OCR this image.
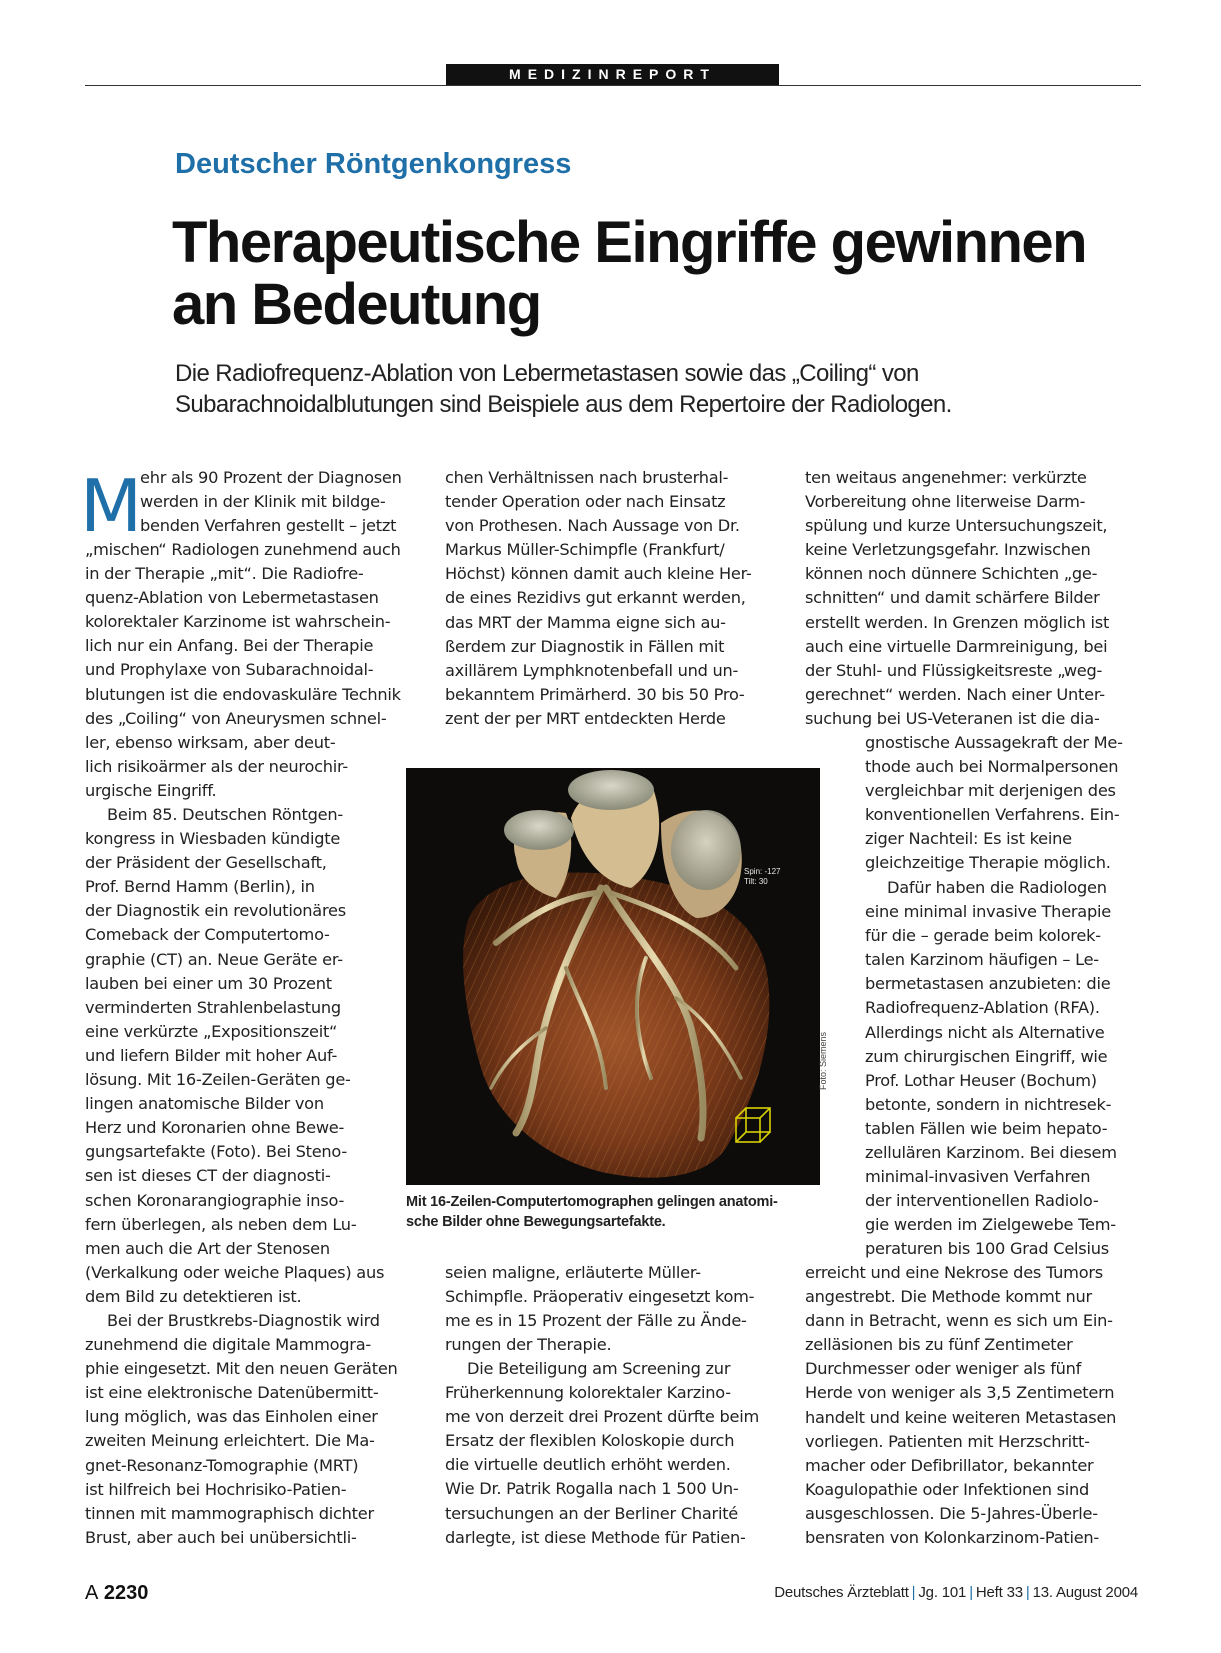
MEDIZINREPORT
Deutscher Röntgenkongress
Therapeutische Eingriffe gewinnen
an Bedeutung
Die Radiofrequenz-Ablation von Lebermetastasen sowie das „Coiling“ von
Subarachnoidalblutungen sind Beispiele aus dem Repertoire der Radiologen.
M
ehr als 90 Prozent der Diagnosen
werden in der Klinik mit bildge-
benden Verfahren gestellt – jetzt
„mischen“ Radiologen zunehmend auch
in der Therapie „mit“. Die Radiofre-
quenz-Ablation von Lebermetastasen
kolorektaler Karzinome ist wahrschein-
lich nur ein Anfang. Bei der Therapie
und Prophylaxe von Subarachnoidal-
blutungen ist die endovaskuläre Technik
des „Coiling“ von Aneurysmen schnel-
ler, ebenso wirksam, aber deut-
lich risikoärmer als der neurochir-
urgische Eingriff.
Beim 85. Deutschen Röntgen-
kongress in Wiesbaden kündigte
der Präsident der Gesellschaft,
Prof. Bernd Hamm (Berlin), in
der Diagnostik ein revolutionäres
Comeback der Computertomo-
graphie (CT) an. Neue Geräte er-
lauben bei einer um 30 Prozent
verminderten Strahlenbelastung
eine verkürzte „Expositionszeit“
und liefern Bilder mit hoher Auf-
lösung. Mit 16-Zeilen-Geräten ge-
lingen anatomische Bilder von
Herz und Koronarien ohne Bewe-
gungsartefakte (Foto). Bei Steno-
sen ist dieses CT der diagnosti-
schen Koronarangiographie inso-
fern überlegen, als neben dem Lu-
men auch die Art der Stenosen
(Verkalkung oder weiche Plaques) aus
dem Bild zu detektieren ist.
Bei der Brustkrebs-Diagnostik wird
zunehmend die digitale Mammogra-
phie eingesetzt. Mit den neuen Geräten
ist eine elektronische Datenübermitt-
lung möglich, was das Einholen einer
zweiten Meinung erleichtert. Die Ma-
gnet-Resonanz-Tomographie (MRT)
ist hilfreich bei Hochrisiko-Patien-
tinnen mit mammographisch dichter
Brust, aber auch bei unübersichtli-
chen Verhältnissen nach brusterhal-
tender Operation oder nach Einsatz
von Prothesen. Nach Aussage von Dr.
Markus Müller-Schimpfle (Frankfurt/
Höchst) können damit auch kleine Her-
de eines Rezidivs gut erkannt werden,
das MRT der Mamma eigne sich au-
ßerdem zur Diagnostik in Fällen mit
axillärem Lymphknotenbefall und un-
bekanntem Primärherd. 30 bis 50 Pro-
zent der per MRT entdeckten Herde
Spin: -127
Tilt: 30
Foto: Siemens
Mit 16-Zeilen-Computertomographen gelingen anatomi-
sche Bilder ohne Bewegungsartefakte.
seien maligne, erläuterte Müller-
Schimpfle. Präoperativ eingesetzt kom-
me es in 15 Prozent der Fälle zu Ände-
rungen der Therapie.
Die Beteiligung am Screening zur
Früherkennung kolorektaler Karzino-
me von derzeit drei Prozent dürfte beim
Ersatz der flexiblen Koloskopie durch
die virtuelle deutlich erhöht werden.
Wie Dr. Patrik Rogalla nach 1 500 Un-
tersuchungen an der Berliner Charité
darlegte, ist diese Methode für Patien-
ten weitaus angenehmer: verkürzte
Vorbereitung ohne literweise Darm-
spülung und kurze Untersuchungszeit,
keine Verletzungsgefahr. Inzwischen
können noch dünnere Schichten „ge-
schnitten“ und damit schärfere Bilder
erstellt werden. In Grenzen möglich ist
auch eine virtuelle Darmreinigung, bei
der Stuhl- und Flüssigkeitsreste „weg-
gerechnet“ werden. Nach einer Unter-
suchung bei US-Veteranen ist die dia-
gnostische Aussagekraft der Me-
thode auch bei Normalpersonen
vergleichbar mit derjenigen des
konventionellen Verfahrens. Ein-
ziger Nachteil: Es ist keine
gleichzeitige Therapie möglich.
Dafür haben die Radiologen
eine minimal invasive Therapie
für die – gerade beim kolorek-
talen Karzinom häufigen – Le-
bermetastasen anzubieten: die
Radiofrequenz-Ablation (RFA).
Allerdings nicht als Alternative
zum chirurgischen Eingriff, wie
Prof. Lothar Heuser (Bochum)
betonte, sondern in nichtresek-
tablen Fällen wie beim hepato-
zellulären Karzinom. Bei diesem
minimal-invasiven Verfahren
der interventionellen Radiolo-
gie werden im Zielgewebe Tem-
peraturen bis 100 Grad Celsius
erreicht und eine Nekrose des Tumors
angestrebt. Die Methode kommt nur
dann in Betracht, wenn es sich um Ein-
zelläsionen bis zu fünf Zentimeter
Durchmesser oder weniger als fünf
Herde von weniger als 3,5 Zentimetern
handelt und keine weiteren Metastasen
vorliegen. Patienten mit Herzschritt-
macher oder Defibrillator, bekannter
Koagulopathie oder Infektionen sind
ausgeschlossen. Die 5-Jahres-Überle-
bensraten von Kolonkarzinom-Patien-
A 2230	Deutsches Ärzteblatt | Jg. 101 | Heft 33 | 13. August 2004
